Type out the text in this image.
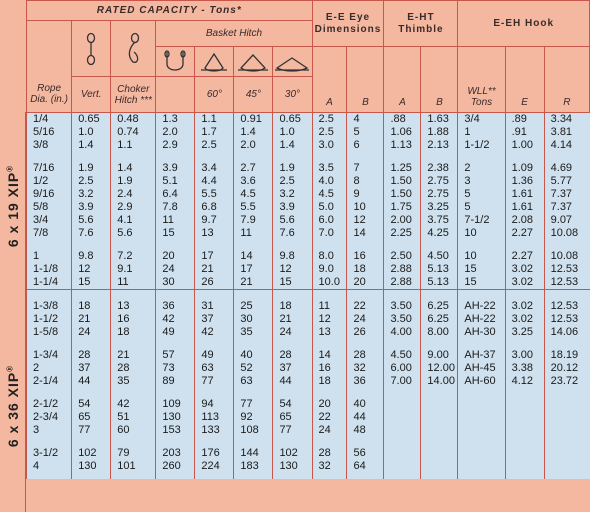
6 x 19 XIP®
6 x 36 XIP®
RATED CAPACITY - Tons*							E-E Eye Dimensions		E-HT Thimble		E-EH Hook		

	Basket Hitch										

	A	B	A	B	WLL** Tons	E	R
Rope Dia. (in.)	Vert.	Choker Hitch ***		60°	45°	30°							
1/4	0.65	0.48	1.3	1.1	0.91	0.65	2.5	4	.88	1.63	3/4	.89	3.34
5/16	1.0	0.74	2.0	1.7	1.4	1.0	2.5	5	1.06	1.88	1	.91	3.81
3/8	1.4	1.1	2.9	2.5	2.0	1.4	3.0	6	1.13	2.13	1-1/2	1.00	4.14

7/16	1.9	1.4	3.9	3.4	2.7	1.9	3.5	7	1.25	2.38	2	1.09	4.69
1/2	2.5	1.9	5.1	4.4	3.6	2.5	4.0	8	1.50	2.75	3	1.36	5.77
9/16	3.2	2.4	6.4	5.5	4.5	3.2	4.5	9	1.50	2.75	5	1.61	7.37
5/8	3.9	2.9	7.8	6.8	5.5	3.9	5.0	10	1.75	3.25	5	1.61	7.37
3/4	5.6	4.1	11	9.7	7.9	5.6	6.0	12	2.00	3.75	7-1/2	2.08	9.07
7/8	7.6	5.6	15	13	11	7.6	7.0	14	2.25	4.25	10	2.27	10.08

1	9.8	7.2	20	17	14	9.8	8.0	16	2.50	4.50	10	2.27	10.08
1-1/8	12	9.1	24	21	17	12	9.0	18	2.88	5.13	15	3.02	12.53
1-1/4	15	11	30	26	21	15	10.0	20	2.88	5.13	15	3.02	12.53

1-3/8	18	13	36	31	25	18	11	22	3.50	6.25	AH-22	3.02	12.53
1-1/2	21	16	42	37	30	21	12	24	3.50	6.25	AH-22	3.02	12.53
1-5/8	24	18	49	42	35	24	13	26	4.00	8.00	AH-30	3.25	14.06

1-3/4	28	21	57	49	40	28	14	28	4.50	9.00	AH-37	3.00	18.19
2	37	28	73	63	52	37	16	32	6.00	12.00	AH-45	3.38	20.12
2-1/4	44	35	89	77	63	44	18	36	7.00	14.00	AH-60	4.12	23.72

2-1/2	54	42	109	94	77	54	20	40					
2-3/4	65	51	130	113	92	65	22	44					
3	77	60	153	133	108	77	24	48					

3-1/2	102	79	203	176	144	102	28	56					
4	130	101	260	224	183	130	32	64					
